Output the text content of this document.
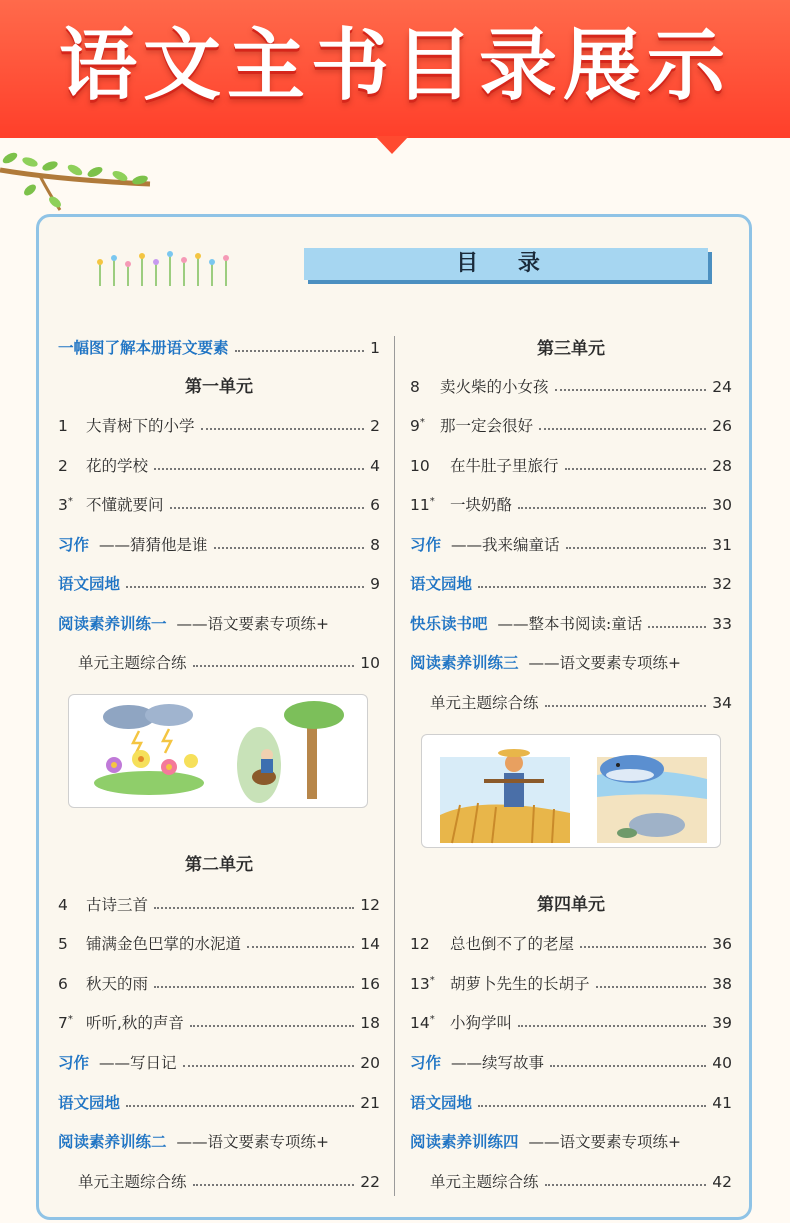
语文主书目录展示
目 录
一幅图了解本册语文要素	1
第一单元
1	大青树下的小学	2
2	花的学校	4
3* 不懂就要问	6
习作 ——猜猜他是谁	8
语文园地	9
阅读素养训练一 ——语文要素专项练+
单元主题综合练	10
第二单元
4	古诗三首	12
5	铺满金色巴掌的水泥道	14
6	秋天的雨	16
7* 听听,秋的声音	18
习作 ——写日记	20
语文园地	21
阅读素养训练二 ——语文要素专项练+
单元主题综合练	22
第三单元
8	卖火柴的小女孩	24
9* 那一定会很好	26
10	在牛肚子里旅行	28
11* 一块奶酪	30
习作 ——我来编童话	31
语文园地	32
快乐读书吧 ——整本书阅读:童话	33
阅读素养训练三 ——语文要素专项练+
单元主题综合练	34
第四单元
12	总也倒不了的老屋	36
13* 胡萝卜先生的长胡子	38
14* 小狗学叫	39
习作 ——续写故事	40
语文园地	41
阅读素养训练四 ——语文要素专项练+
单元主题综合练	42
